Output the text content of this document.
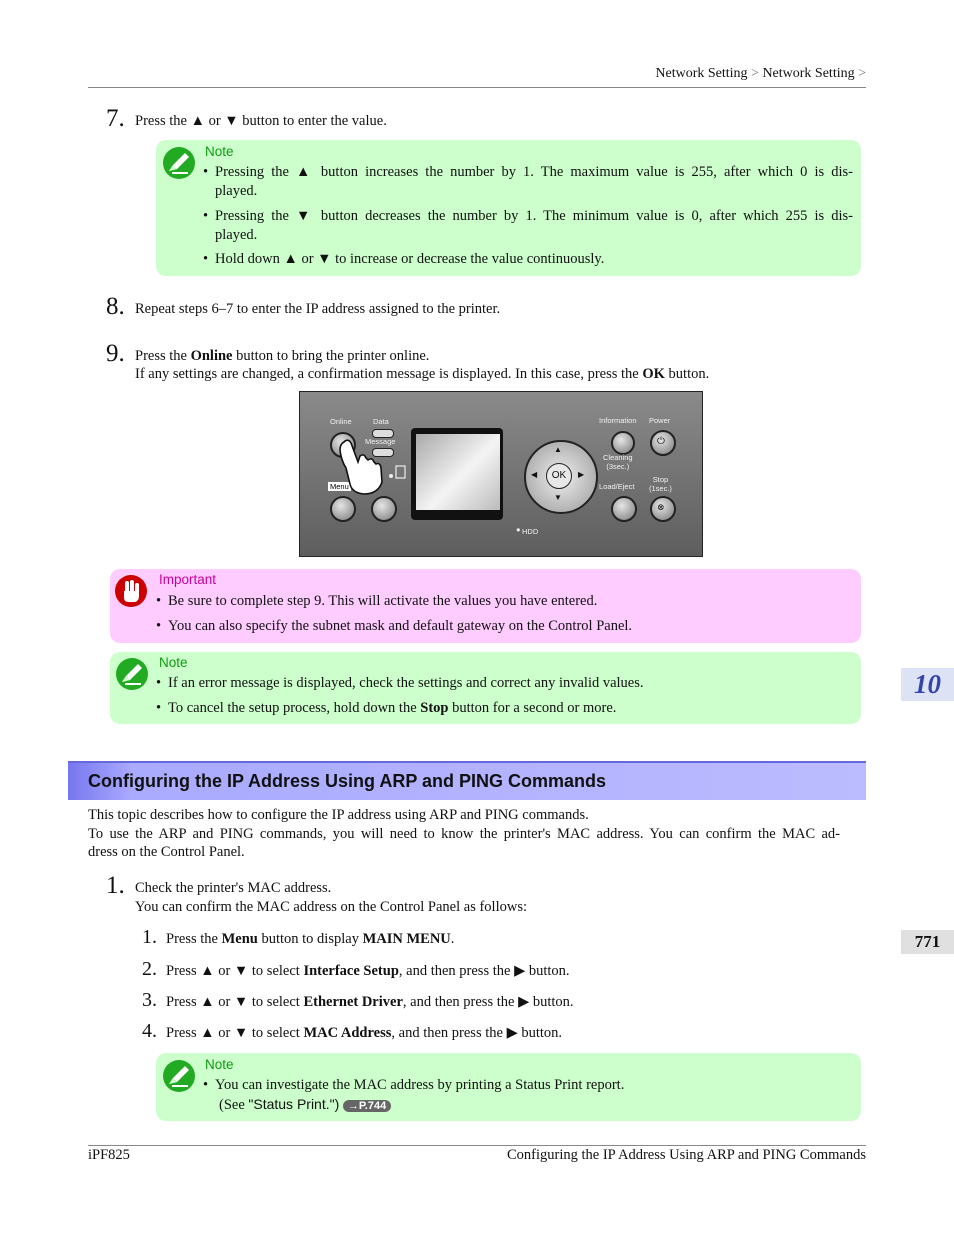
Network Setting > Network Setting >
7. Press the ▲ or ▼ button to enter the value.
Note
• Pressing the ▲ button increases the number by 1. The maximum value is 255, after which 0 is dis-
played.
• Pressing the ▼ button decreases the number by 1. The minimum value is 0, after which 255 is dis-
played.
• Hold down ▲ or ▼ to increase or decrease the value continuously.
8. Repeat steps 6–7 to enter the IP address assigned to the printer.
9. Press the Online button to bring the printer online.
If any settings are changed, a confirmation message is displayed. In this case, press the OK button.
Online	Data
Message
Menu
OK
▲
▼
◀	▶
● HDD
Information Power
⏻
Cleaning
(3sec.)
Load/Eject
Stop
(1sec.)
⊗
Important
• Be sure to complete step 9. This will activate the values you have entered.
• You can also specify the subnet mask and default gateway on the Control Panel.
Note
• If an error message is displayed, check the settings and correct any invalid values.
• To cancel the setup process, hold down the Stop button for a second or more.
10
Configuring the IP Address Using ARP and PING Commands
This topic describes how to configure the IP address using ARP and PING commands.
To use the ARP and PING commands, you will need to know the printer's MAC address. You can confirm the MAC ad-
dress on the Control Panel.
1. Check the printer's MAC address.
You can confirm the MAC address on the Control Panel as follows:
771
1. Press the Menu button to display MAIN MENU.
2. Press ▲ or ▼ to select Interface Setup, and then press the ▶ button.
3. Press ▲ or ▼ to select Ethernet Driver, and then press the ▶ button.
4. Press ▲ or ▼ to select MAC Address, and then press the ▶ button.
Note
• You can investigate the MAC address by printing a Status Print report.
(See "Status Print.") →P.744
iPF825	Configuring the IP Address Using ARP and PING Commands
